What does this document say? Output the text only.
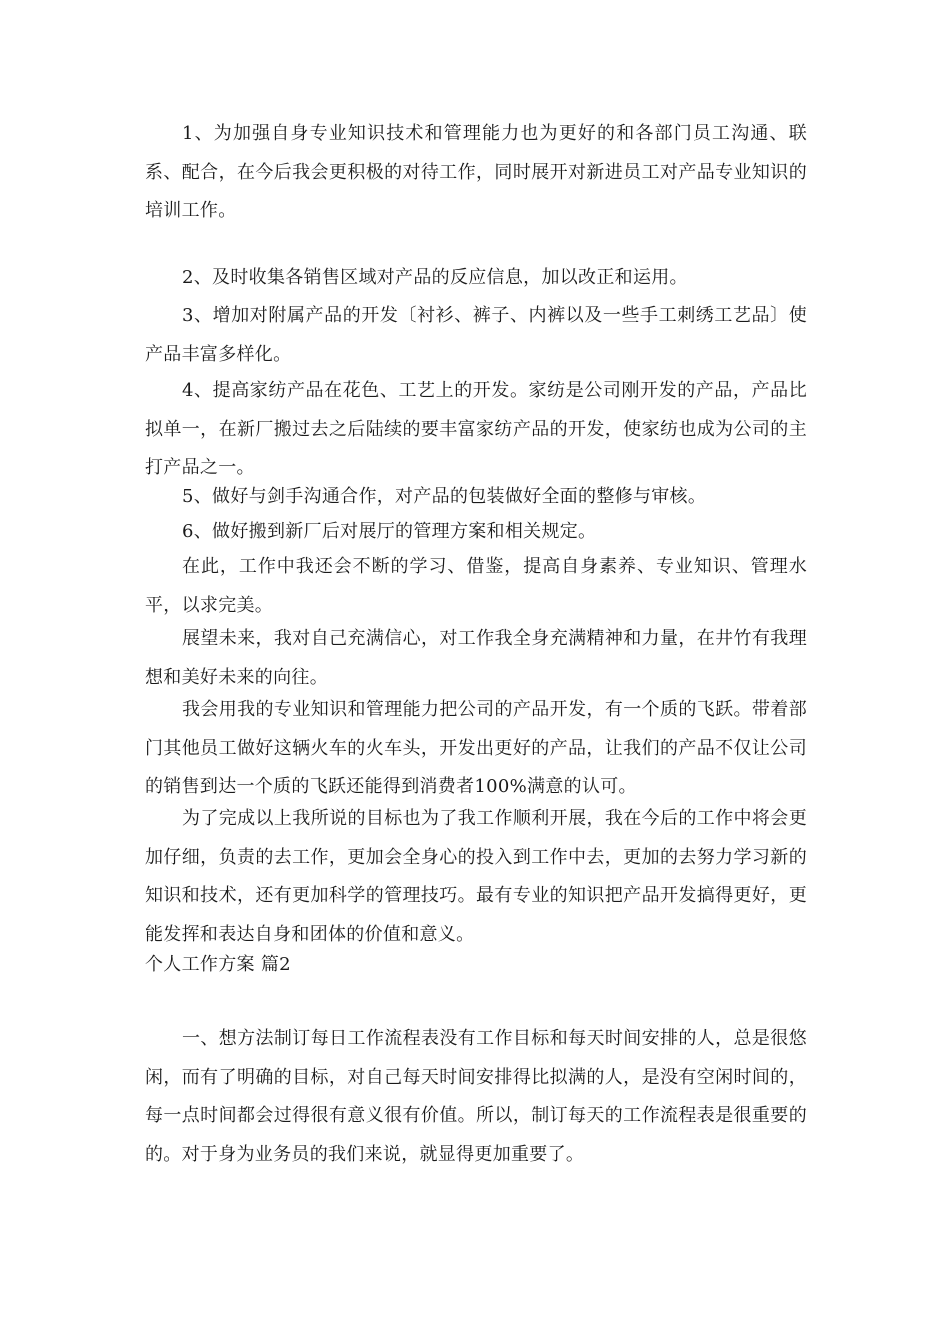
1、为加强自身专业知识技术和管理能力也为更好的和各部门员工沟通、联系、配合，在今后我会更积极的对待工作，同时展开对新进员工对产品专业知识的培训工作。

2、及时收集各销售区域对产品的反应信息，加以改正和运用。

3、增加对附属产品的开发〔衬衫、裤子、内裤以及一些手工刺绣工艺品〕使产品丰富多样化。

4、提高家纺产品在花色、工艺上的开发。家纺是公司刚开发的产品，产品比拟单一，在新厂搬过去之后陆续的要丰富家纺产品的开发，使家纺也成为公司的主打产品之一。

5、做好与剑手沟通合作，对产品的包装做好全面的整修与审核。

6、做好搬到新厂后对展厅的管理方案和相关规定。

在此，工作中我还会不断的学习、借鉴，提高自身素养、专业知识、管理水平，以求完美。

展望未来，我对自己充满信心，对工作我全身充满精神和力量，在井竹有我理想和美好未来的向往。

我会用我的专业知识和管理能力把公司的产品开发，有一个质的飞跃。带着部门其他员工做好这辆火车的火车头，开发出更好的产品，让我们的产品不仅让公司的销售到达一个质的飞跃还能得到消费者100%满意的认可。

为了完成以上我所说的目标也为了我工作顺利开展，我在今后的工作中将会更加仔细，负责的去工作，更加会全身心的投入到工作中去，更加的去努力学习新的知识和技术，还有更加科学的管理技巧。最有专业的知识把产品开发搞得更好，更能发挥和表达自身和团体的价值和意义。

个人工作方案 篇2

一、想方法制订每日工作流程表没有工作目标和每天时间安排的人，总是很悠闲，而有了明确的目标，对自己每天时间安排得比拟满的人，是没有空闲时间的，每一点时间都会过得很有意义很有价值。所以，制订每天的工作流程表是很重要的的。对于身为业务员的我们来说，就显得更加重要了。
